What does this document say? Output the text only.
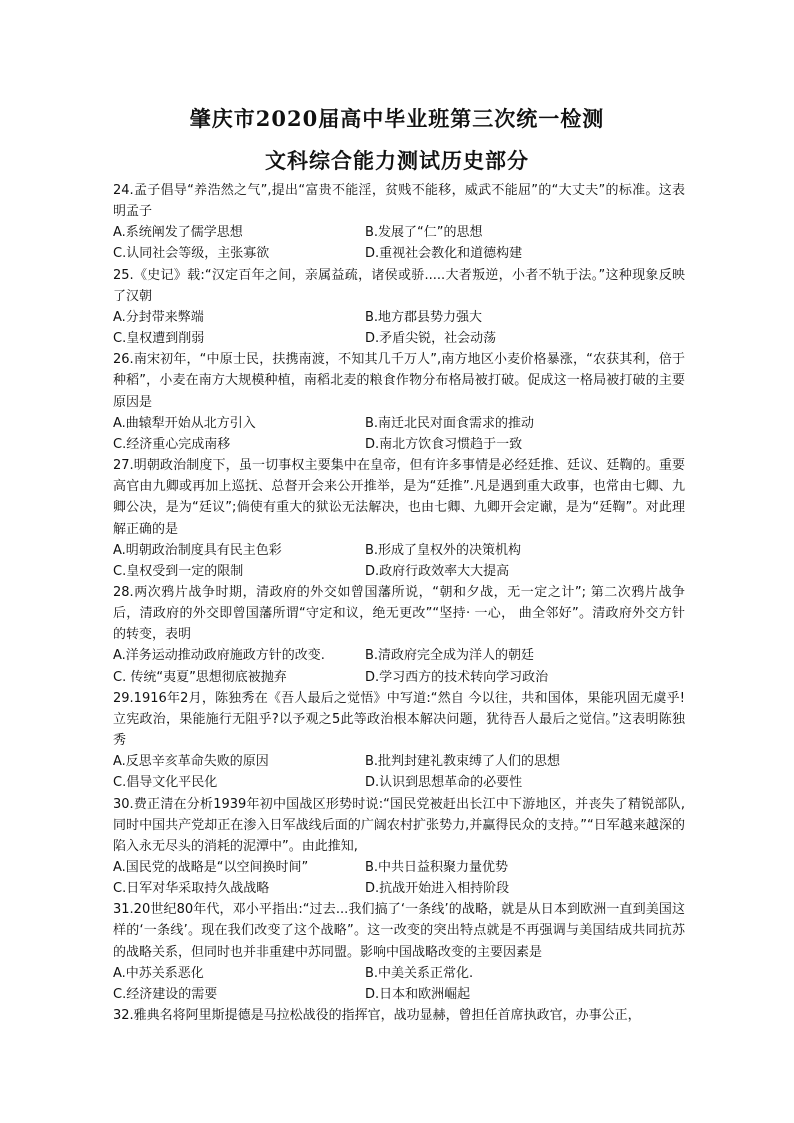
肇庆市2020届高中毕业班第三次统一检测
文科综合能力测试历史部分

24.孟子倡导“养浩然之气”,提出“富贵不能淫，贫贱不能移，威武不能屈”的“大丈夫”的标准。这表明孟子

A.系统阐发了儒学思想	B.发展了“仁”的思想
C.认同社会等级，主张寡欲	D.重视社会教化和道德构建

25.《史记》载:“汉定百年之间，亲属益疏，诸侯或骄.....大者叛逆，小者不轨于法。”这种现象反映了汉朝

A.分封带来弊端	B.地方郡县势力强大
C.皇权遭到削弱	D.矛盾尖锐，社会动荡

26.南宋初年，“中原士民，扶携南渡，不知其几千万人”,南方地区小麦价格暴涨，“农获其利，倍于种稻”，小麦在南方大规模种植，南稻北麦的粮食作物分布格局被打破。促成这一格局被打破的主要原因是

A.曲辕犁开始从北方引入	B.南迁北民对面食需求的推动
C.经济重心完成南移	D.南北方饮食习惯趋于一致

27.明朝政治制度下，虽一切事权主要集中在皇帝，但有许多事情是必经廷推、廷议、廷鞫的。重要高官由九卿或再加上巡抚、总督开会来公开推举，是为“廷推”.凡是遇到重大政事，也常由七卿、九卿公决，是为“廷议”;倘使有重大的狱讼无法解决，也由七卿、九卿开会定谳，是为“廷鞫”。对此理解正确的是

A.明朝政治制度具有民主色彩	B.形成了皇权外的决策机构
C.皇权受到一定的限制	D.政府行政效率大大提高

28.两次鸦片战争时期，清政府的外交如曾国藩所说，“朝和夕战，无一定之计”; 第二次鸦片战争后，清政府的外交即曾国藩所谓“守定和议，绝无更改”“坚持· 一心， 曲全邻好”。清政府外交方针的转变，表明

A.洋务运动推动政府施政方针的改变.	B.清政府完全成为洋人的朝廷
C. 传统“夷夏”思想彻底被抛弃	D.学习西方的技术转向学习政治

29.1916年2月，陈独秀在《吾人最后之觉悟》中写道:“然自 今以往，共和国体，果能巩固无虞乎!立宪政治，果能施行无阻乎?以予观之5此等政治根本解决问题，犹待吾人最后之觉信。”这表明陈独秀

A.反思辛亥革命失败的原因	B.批判封建礼教束缚了人们的思想
C.倡导文化平民化	D.认识到思想革命的必要性

30.费正清在分析1939年初中国战区形势时说:“国民党被赶出长江中下游地区，并丧失了精锐部队,同时中国共产党却正在渗入日军战线后面的广阔农村扩张势力,并赢得民众的支持。”“日军越来越深的陷入永无尽头的消耗的泥潭中”。由此推知,

A.国民党的战略是“以空间换时间”	B.中共日益积聚力量优势
C.日军对华采取持久战战略	D.抗战开始进入相持阶段

31.20世纪80年代，邓小平指出:“过去...我们搞了‘一条线’的战略，就是从日本到欧洲一直到美国这样的‘一条线’。现在我们改变了这个战略”。这一改变的突出特点就是不再强调与美国结成共同抗苏的战略关系，但同时也并非重建中苏同盟。影响中国战略改变的主要因素是

A.中苏关系恶化	B.中美关系正常化.
C.经济建设的需要	D.日本和欧洲崛起

32.雅典名将阿里斯提德是马拉松战役的指挥官，战功显赫，曾担任首席执政官，办事公正，
